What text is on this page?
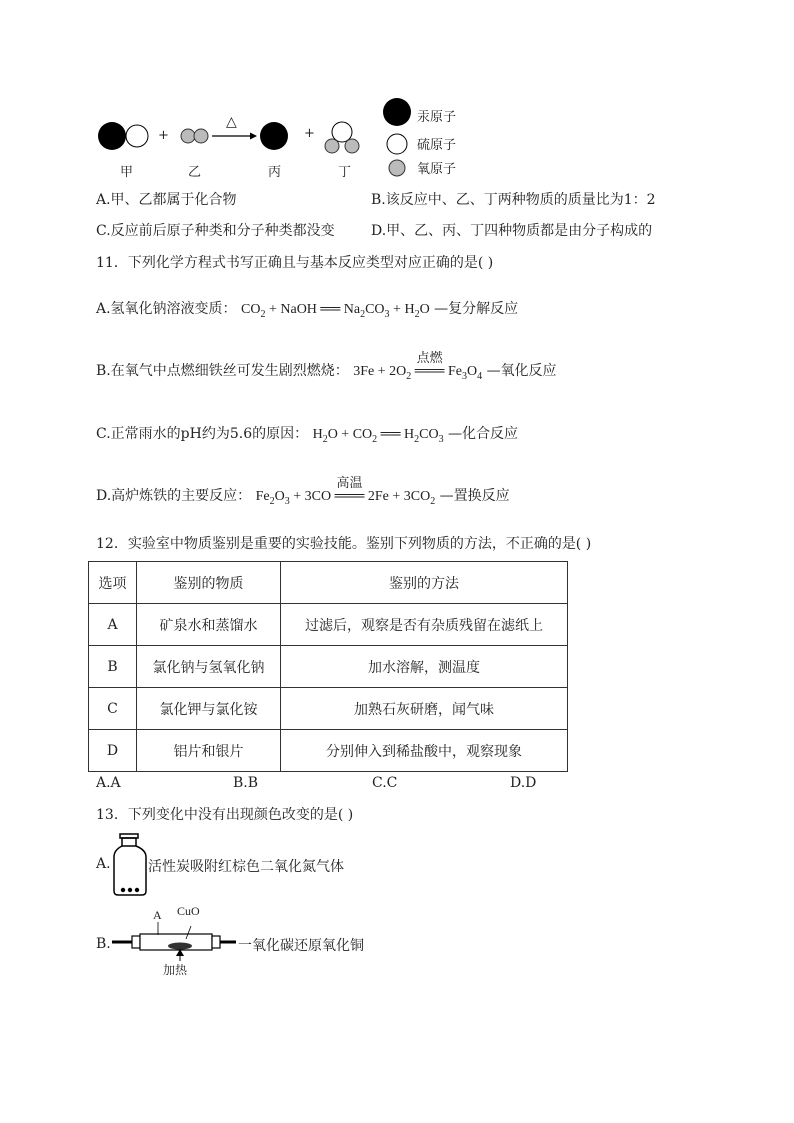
△
+	+
甲	乙	丙	丁
汞原子
硫原子
氧原子
A.甲、乙都属于化合物	B.该反应中、乙、丁两种物质的质量比为1：2
C.反应前后原子种类和分子种类都没变	D.甲、乙、丙、丁四种物质都是由分子构成的
11．下列化学方程式书写正确且与基本反应类型对应正确的是( )
A.氢氧化钠溶液变质： $CO_2$ + NaOH ══ $Na_2CO_3 + H_2O$ —复分解反应
B.在氧气中点燃细铁丝可发生剧烈燃烧： $3Fe + 2O_2$
点燃
═══ $Fe_3O_4$ —氧化反应
C.正常雨水的pH约为5.6的原因： $H_2O + CO_2$ ══ $H_2CO_3$ —化合反应
D.高炉炼铁的主要反应： $Fe_2O_3 + 3CO$
高温
═══ $2Fe + 3CO_2$ —置换反应
12．实验室中物质鉴别是重要的实验技能。鉴别下列物质的方法，不正确的是( )
选项	鉴别的物质	鉴别的方法
A	矿泉水和蒸馏水	过滤后，观察是否有杂质残留在滤纸上
B	氯化钠与氢氧化钠	加水溶解，测温度
C	氯化钾与氯化铵	加熟石灰研磨，闻气味
D	铝片和银片	分别伸入到稀盐酸中，观察现象
A.A	B.B	C.C	D.D
13．下列变化中没有出现颜色改变的是( )
A.	活性炭吸附红棕色二氧化氮气体
B.
A CuO
加热
一氧化碳还原氧化铜
